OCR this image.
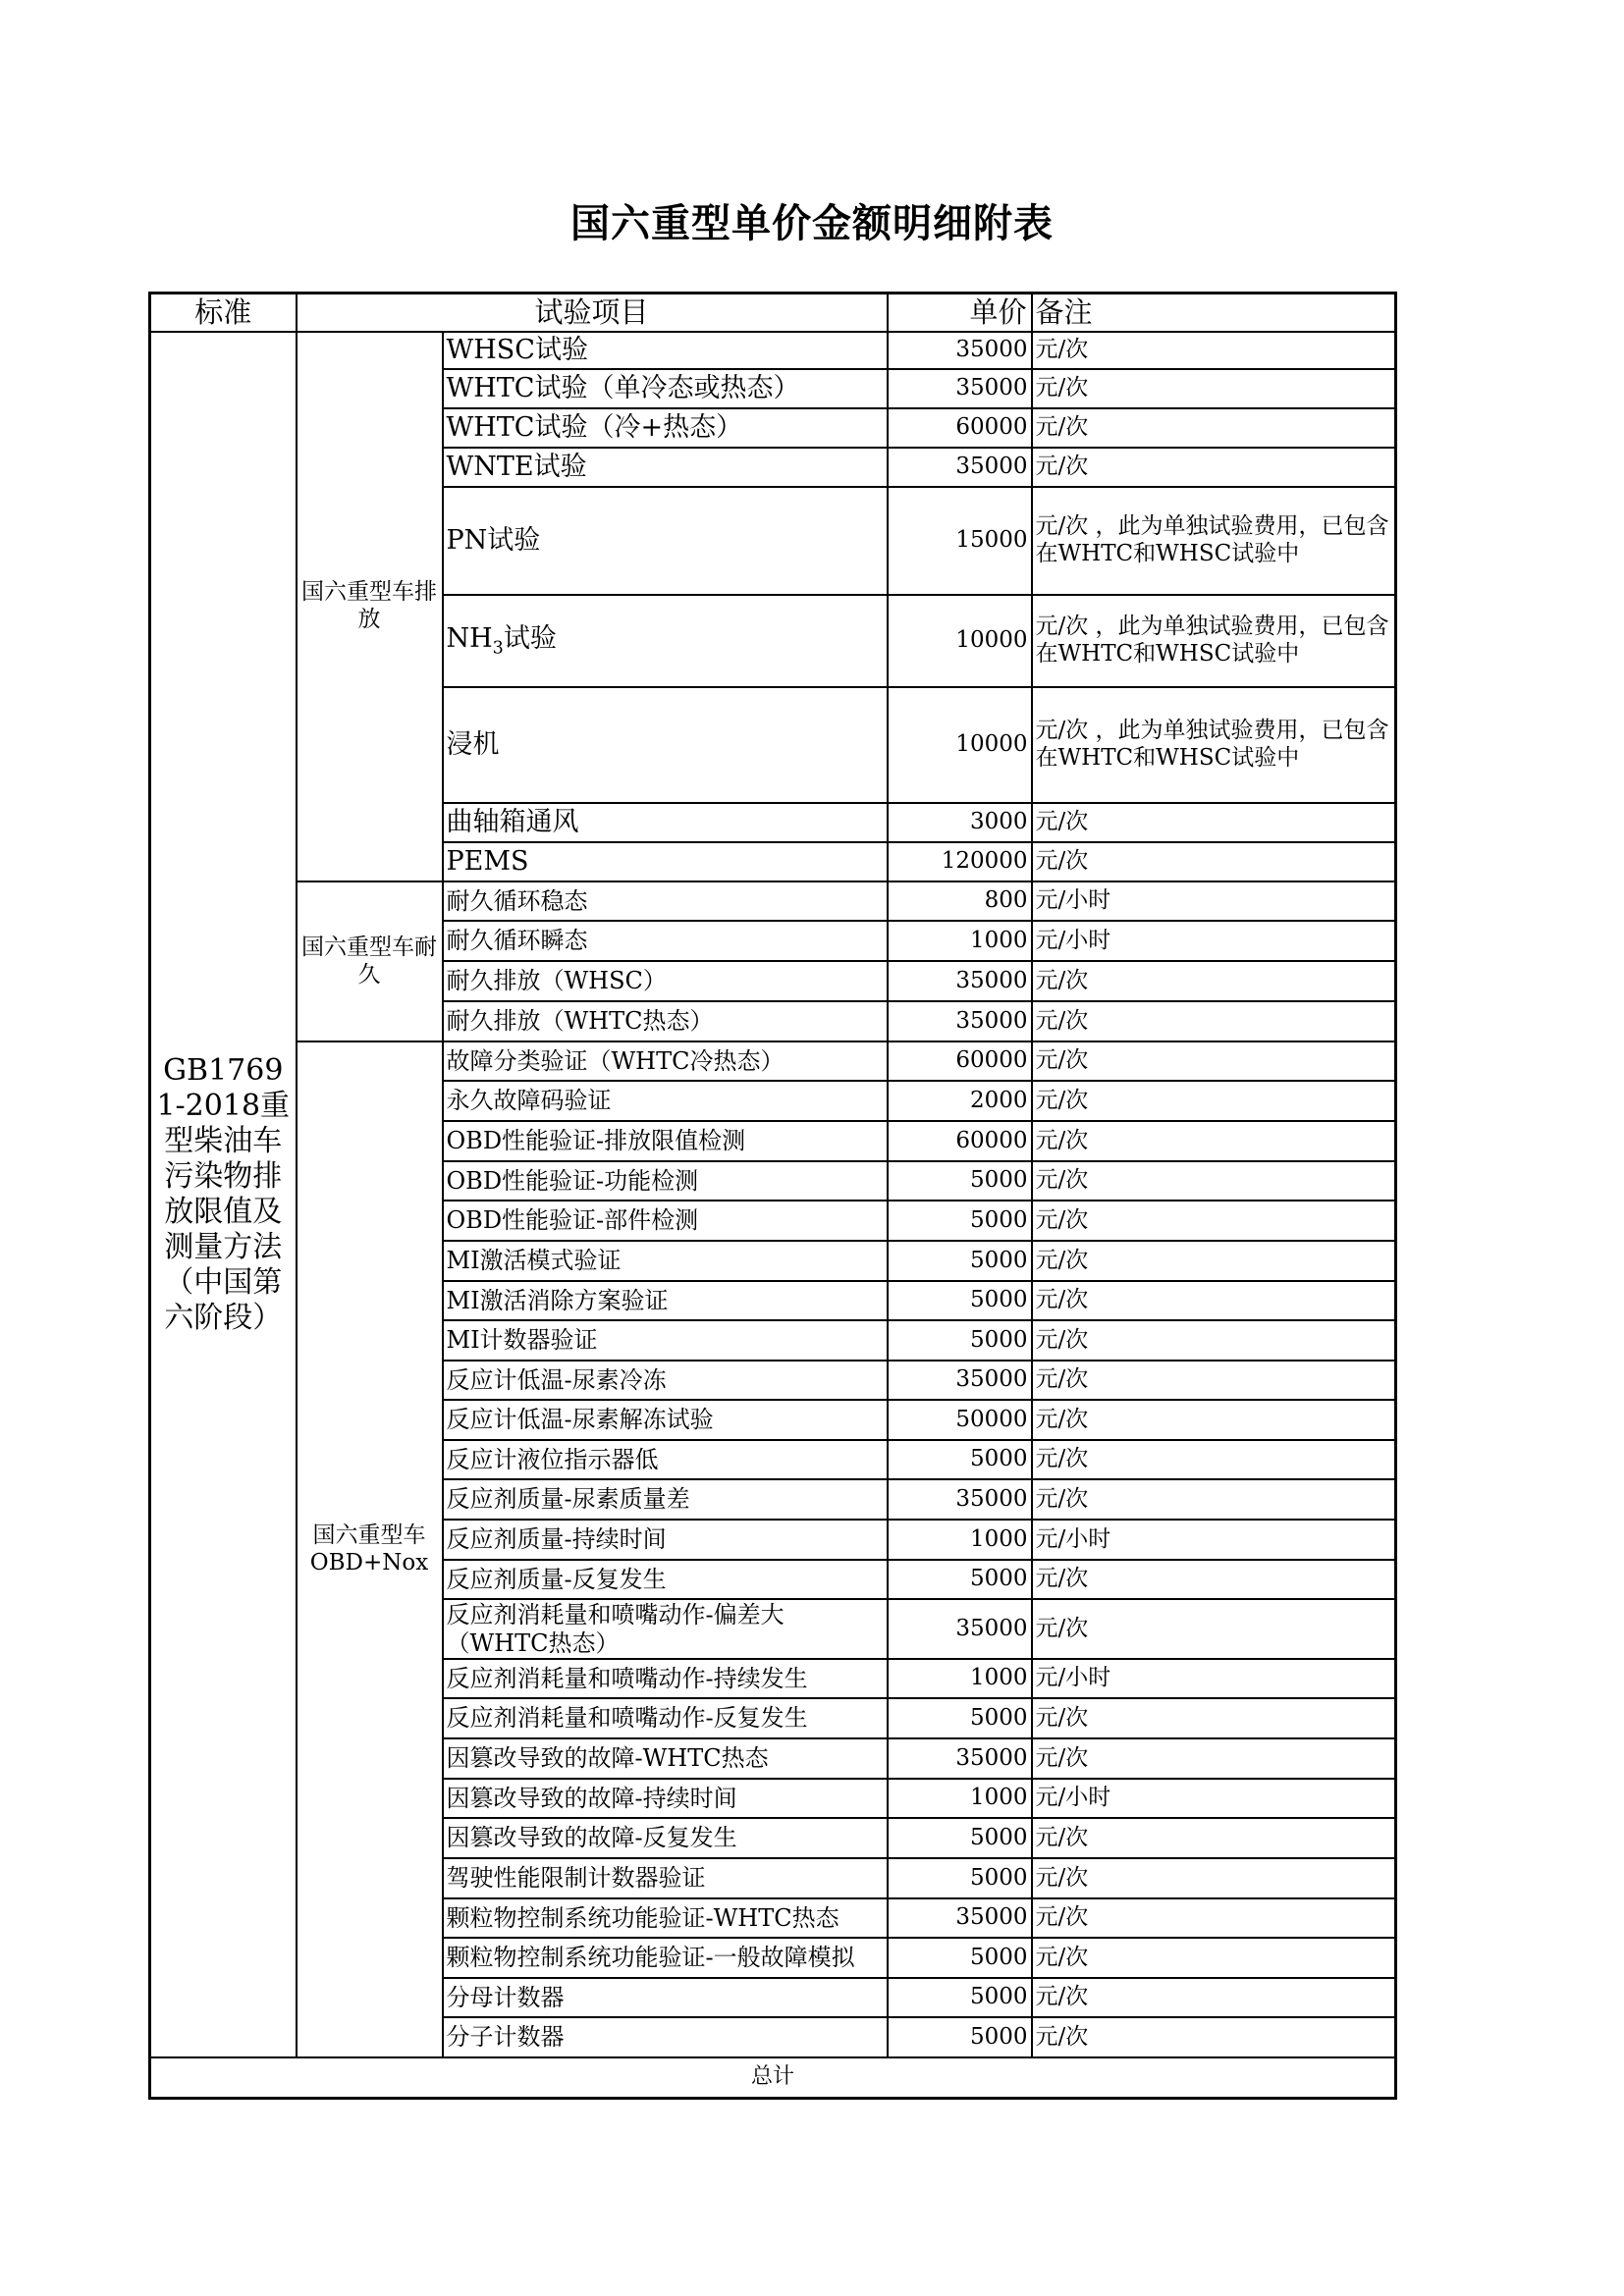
国六重型单价金额明细附表
标准	试验项目		单价	备注
GB17691-2018重型柴油车污染物排放限值及测量方法（中国第六阶段）	国六重型车排放	WHSC试验	35000	元/次
		WHTC试验（单冷态或热态）	35000	元/次
		WHTC试验（冷+热态）	60000	元/次
		WNTE试验	35000	元/次
		PN试验	15000	元/次 ，此为单独试验费用，已包含在WHTC和WHSC试验中
		$NH_3$试验	10000	元/次 ，此为单独试验费用，已包含在WHTC和WHSC试验中
		浸机	10000	元/次 ，此为单独试验费用，已包含在WHTC和WHSC试验中
		曲轴箱通风	3000	元/次
		PEMS	120000	元/次
	国六重型车耐久	耐久循环稳态	800	元/小时
		耐久循环瞬态	1000	元/小时
		耐久排放（WHSC）	35000	元/次
		耐久排放（WHTC热态）	35000	元/次
	国六重型车OBD+Nox	故障分类验证（WHTC冷热态）	60000	元/次
		永久故障码验证	2000	元/次
		OBD性能验证-排放限值检测	60000	元/次
		OBD性能验证-功能检测	5000	元/次
		OBD性能验证-部件检测	5000	元/次
		MI激活模式验证	5000	元/次
		MI激活消除方案验证	5000	元/次
		MI计数器验证	5000	元/次
		反应计低温-尿素冷冻	35000	元/次
		反应计低温-尿素解冻试验	50000	元/次
		反应计液位指示器低	5000	元/次
		反应剂质量-尿素质量差	35000	元/次
		反应剂质量-持续时间	1000	元/小时
		反应剂质量-反复发生	5000	元/次
		反应剂消耗量和喷嘴动作-偏差大（WHTC热态）	35000	元/次
		反应剂消耗量和喷嘴动作-持续发生	1000	元/小时
		反应剂消耗量和喷嘴动作-反复发生	5000	元/次
		因篡改导致的故障-WHTC热态	35000	元/次
		因篡改导致的故障-持续时间	1000	元/小时
		因篡改导致的故障-反复发生	5000	元/次
		驾驶性能限制计数器验证	5000	元/次
		颗粒物控制系统功能验证-WHTC热态	35000	元/次
		颗粒物控制系统功能验证-一般故障模拟	5000	元/次
		分母计数器	5000	元/次
		分子计数器	5000	元/次
总计				
